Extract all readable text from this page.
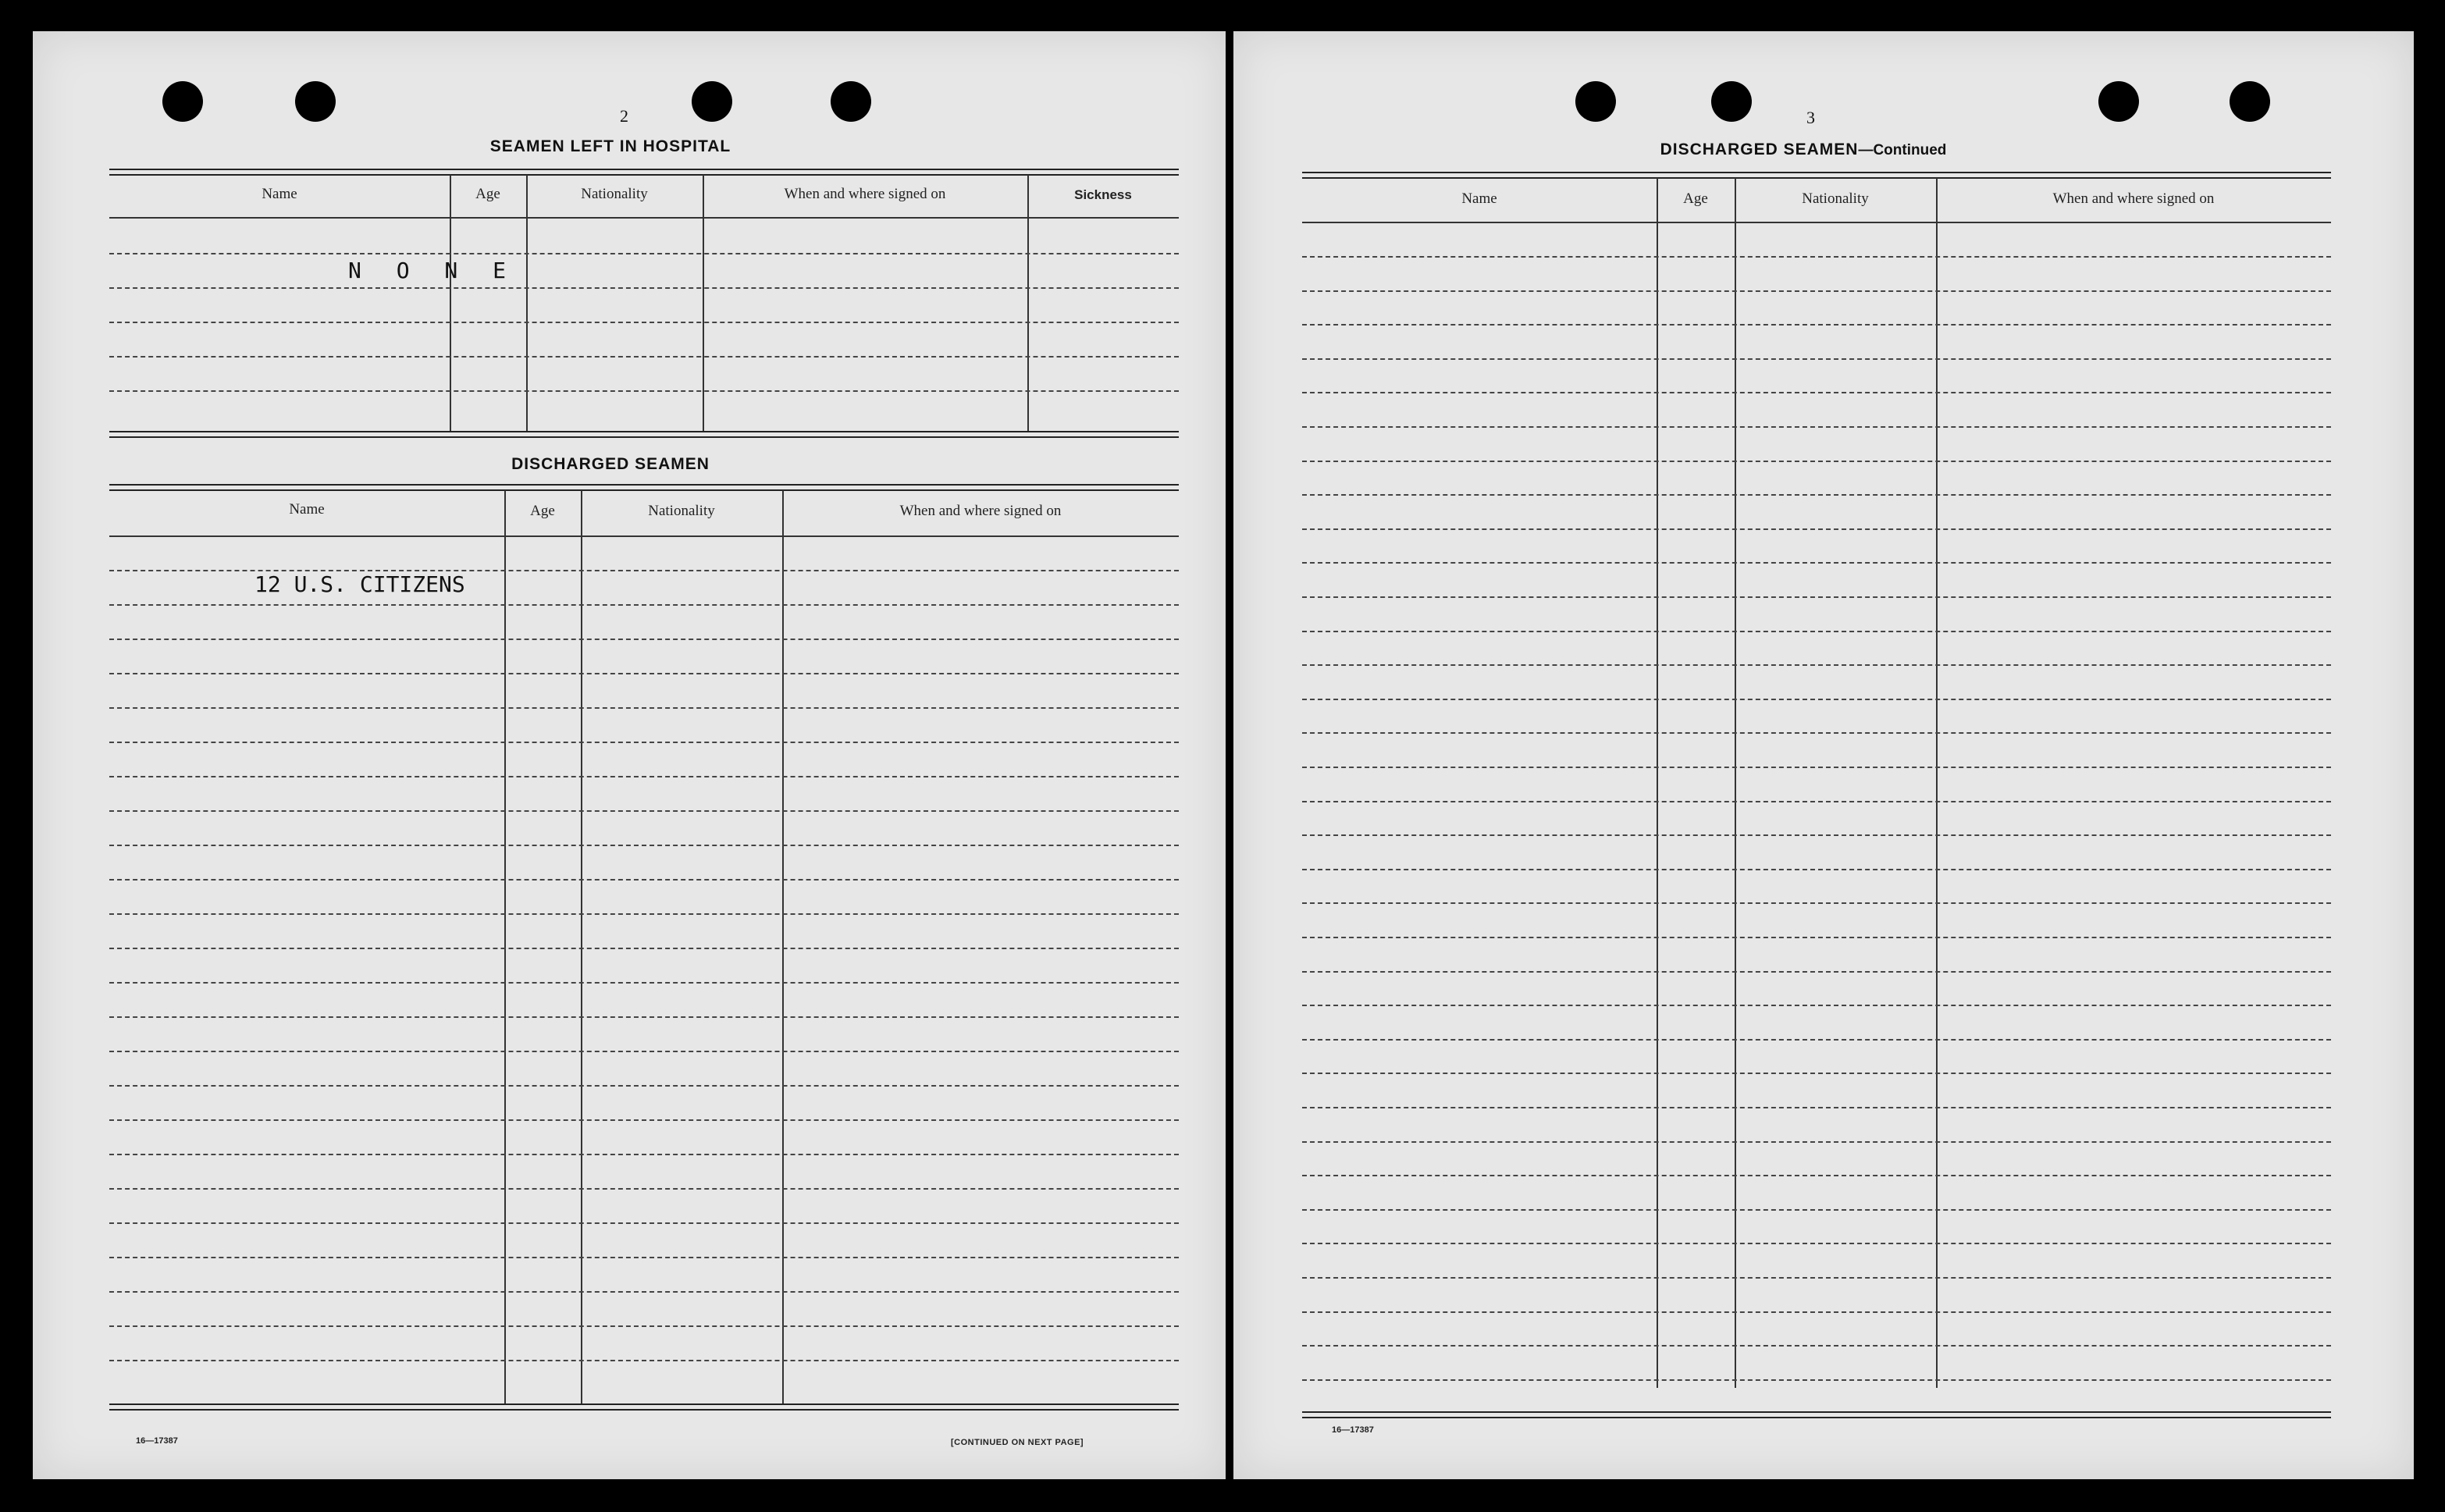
2
SEAMEN LEFT IN HOSPITAL
Name	Age	Nationality	When and where signed on	Sickness
N O N E
DISCHARGED SEAMEN
Name	Age	Nationality	When and where signed on
12 U.S. CITIZENS
16—17387	[CONTINUED ON NEXT PAGE]
3
DISCHARGED SEAMEN—Continued
Name	Age	Nationality	When and where signed on
16—17387
